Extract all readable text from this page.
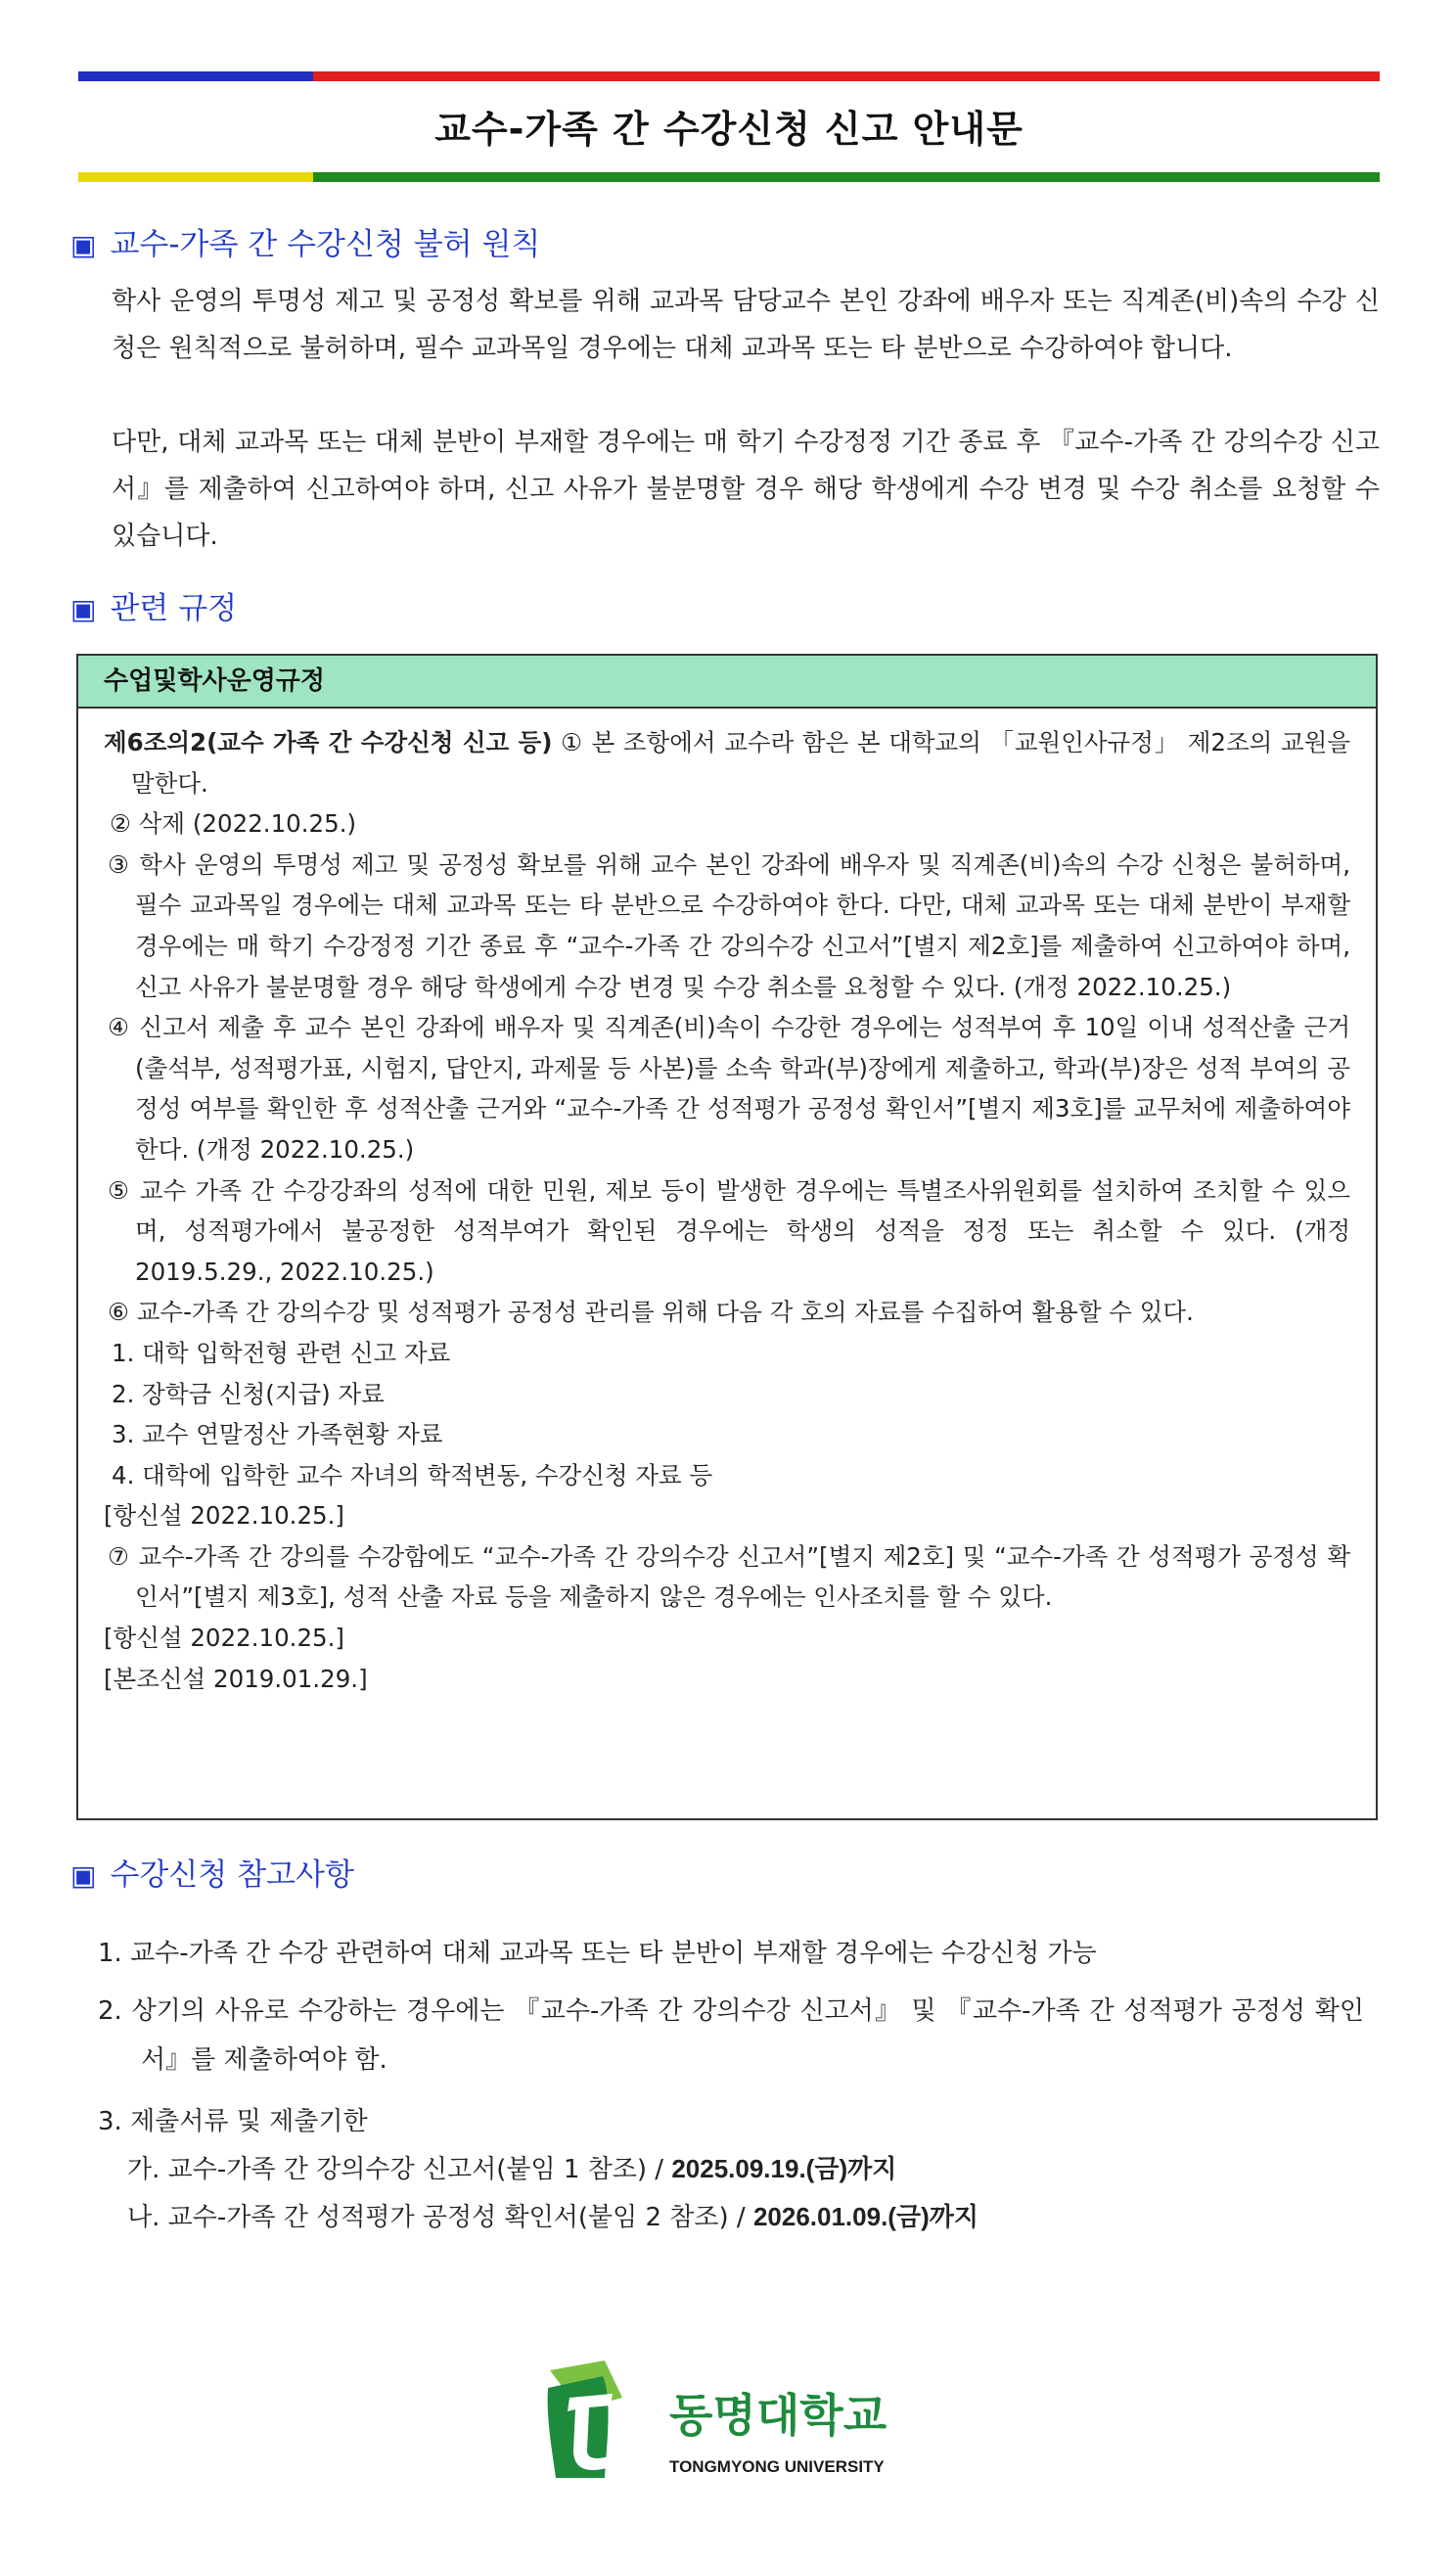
교수-가족 간 수강신청 신고 안내문
▣ 교수-가족 간 수강신청 불허 원칙
학사 운영의 투명성 제고 및 공정성 확보를 위해 교과목 담당교수 본인 강좌에 배우자 또는 직계존(비)속의 수강 신청은 원칙적으로 불허하며, 필수 교과목일 경우에는 대체 교과목 또는 타 분반으로 수강하여야 합니다.
다만, 대체 교과목 또는 대체 분반이 부재할 경우에는 매 학기 수강정정 기간 종료 후 『교수-가족 간 강의수강 신고서』를 제출하여 신고하여야 하며, 신고 사유가 불분명할 경우 해당 학생에게 수강 변경 및 수강 취소를 요청할 수 있습니다.
▣ 관련 규정
수업및학사운영규정

제6조의2(교수 가족 간 수강신청 신고 등) ① 본 조항에서 교수라 함은 본 대학교의 「교원인사규정」 제2조의 교원을 말한다.

② 삭제 (2022.10.25.)

③ 학사 운영의 투명성 제고 및 공정성 확보를 위해 교수 본인 강좌에 배우자 및 직계존(비)속의 수강 신청은 불허하며, 필수 교과목일 경우에는 대체 교과목 또는 타 분반으로 수강하여야 한다. 다만, 대체 교과목 또는 대체 분반이 부재할 경우에는 매 학기 수강정정 기간 종료 후 “교수-가족 간 강의수강 신고서”[별지 제2호]를 제출하여 신고하여야 하며, 신고 사유가 불분명할 경우 해당 학생에게 수강 변경 및 수강 취소를 요청할 수 있다. (개정 2022.10.25.)

④ 신고서 제출 후 교수 본인 강좌에 배우자 및 직계존(비)속이 수강한 경우에는 성적부여 후 10일 이내 성적산출 근거(출석부, 성적평가표, 시험지, 답안지, 과제물 등 사본)를 소속 학과(부)장에게 제출하고, 학과(부)장은 성적 부여의 공정성 여부를 확인한 후 성적산출 근거와 “교수-가족 간 성적평가 공정성 확인서”[별지 제3호]를 교무처에 제출하여야 한다. (개정 2022.10.25.)

⑤ 교수 가족 간 수강강좌의 성적에 대한 민원, 제보 등이 발생한 경우에는 특별조사위원회를 설치하여 조치할 수 있으며, 성적평가에서 불공정한 성적부여가 확인된 경우에는 학생의 성적을 정정 또는 취소할 수 있다. (개정 2019.5.29., 2022.10.25.)

⑥ 교수-가족 간 강의수강 및 성적평가 공정성 관리를 위해 다음 각 호의 자료를 수집하여 활용할 수 있다.

1. 대학 입학전형 관련 신고 자료

2. 장학금 신청(지급) 자료

3. 교수 연말정산 가족현황 자료

4. 대학에 입학한 교수 자녀의 학적변동, 수강신청 자료 등

[항신설 2022.10.25.]

⑦ 교수-가족 간 강의를 수강함에도 “교수-가족 간 강의수강 신고서”[별지 제2호] 및 “교수-가족 간 성적평가 공정성 확인서”[별지 제3호], 성적 산출 자료 등을 제출하지 않은 경우에는 인사조치를 할 수 있다.

[항신설 2022.10.25.]

[본조신설 2019.01.29.]

▣ 수강신청 참고사항

1. 교수-가족 간 수강 관련하여 대체 교과목 또는 타 분반이 부재할 경우에는 수강신청 가능

2. 상기의 사유로 수강하는 경우에는 『교수-가족 간 강의수강 신고서』 및 『교수-가족 간 성적평가 공정성 확인서』를 제출하여야 함.

3. 제출서류 및 제출기한

가. 교수-가족 간 강의수강 신고서(붙임 1 참조) / 2025.09.19.(금)까지

나. 교수-가족 간 성적평가 공정성 확인서(붙임 2 참조) / 2026.01.09.(금)까지

동명대학교
TONGMYONG UNIVERSITY
